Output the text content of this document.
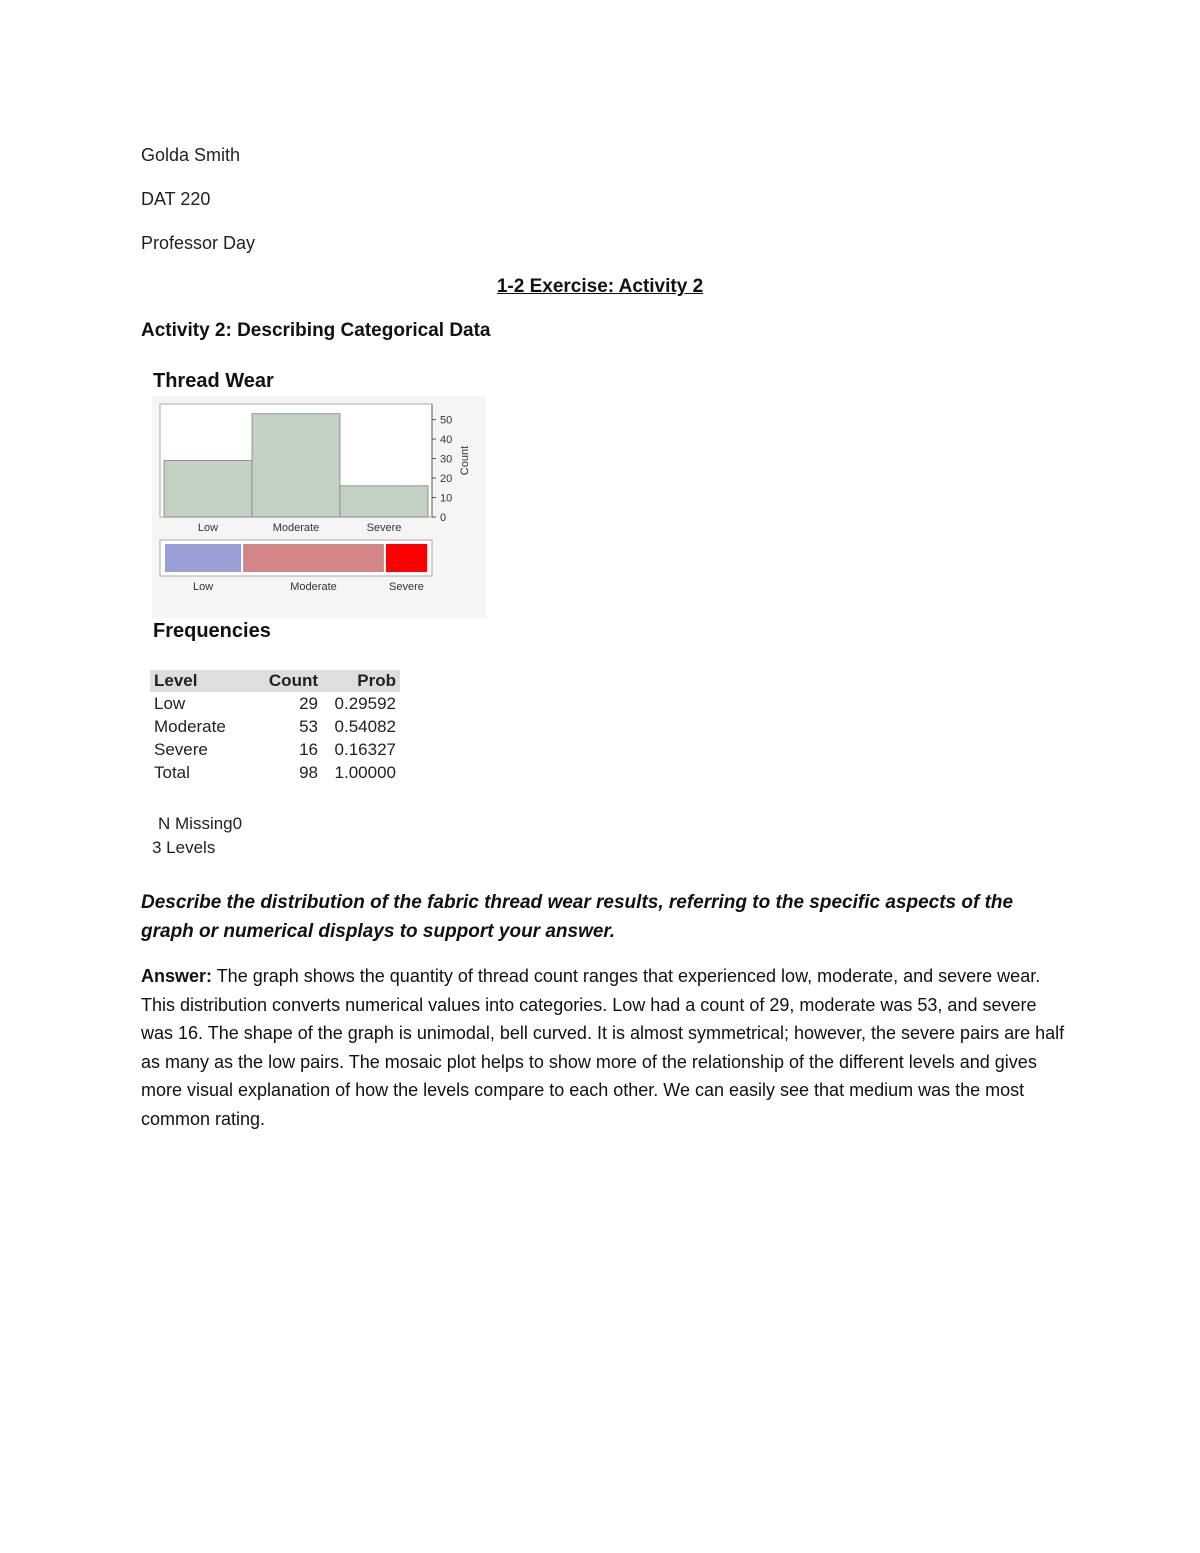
Golda Smith
DAT 220
Professor Day
1-2 Exercise: Activity 2
Activity 2: Describing Categorical Data
Thread Wear
Low	Moderate	Severe
0
10
20
30
40
50
Count
Low	Moderate	Severe
Frequencies
Level	Count	Prob
Low	29	0.29592
Moderate	53	0.54082
Severe	16	0.16327
Total	98	1.00000
N Missing0
3 Levels
Describe the distribution of the fabric thread wear results, referring to the specific aspects of the graph or numerical displays to support your answer.
Answer: The graph shows the quantity of thread count ranges that experienced low, moderate, and severe wear. This distribution converts numerical values into categories. Low had a count of 29, moderate was 53, and severe was 16. The shape of the graph is unimodal, bell curved. It is almost symmetrical; however, the severe pairs are half as many as the low pairs. The mosaic plot helps to show more of the relationship of the different levels and gives more visual explanation of how the levels compare to each other. We can easily see that medium was the most common rating.
